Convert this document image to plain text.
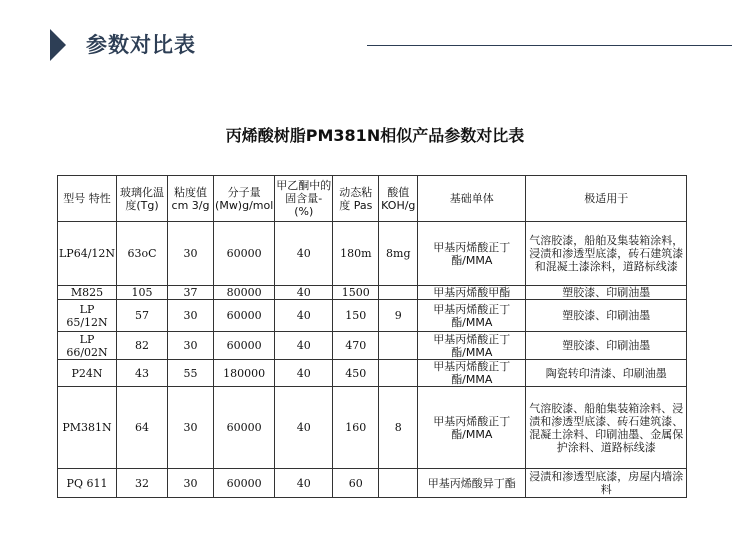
参数对比表
丙烯酸树脂PM381N相似产品参数对比表
型号 特性	玻璃化温度(Tg)	粘度值cm 3/g	分子量(Mw)g/mol	甲乙酮中的固含量- (%)	动态粘度 Pas	酸值KOH/g	基础单体	极适用于
LP64/12N	63oC	30	60000	40	180m	8mg	甲基丙烯酸正丁酯/MMA	气溶胶漆，船舶及集装箱涂料，浸渍和渗透型底漆，砖石建筑漆和混凝土漆涂料，道路标线漆
M825	105	37	80000	40	1500		甲基丙烯酸甲酯	塑胶漆、印刷油墨
LP 65/12N	57	30	60000	40	150	9	甲基丙烯酸正丁酯/MMA	塑胶漆、印刷油墨
LP 66/02N	82	30	60000	40	470		甲基丙烯酸正丁酯/MMA	塑胶漆、印刷油墨
P24N	43	55	180000	40	450		甲基丙烯酸正丁酯/MMA	陶瓷转印清漆、印刷油墨
PM381N	64	30	60000	40	160	8	甲基丙烯酸正丁酯/MMA	气溶胶漆、船舶集装箱涂料、浸渍和渗透型底漆、砖石建筑漆、混凝土涂料、印刷油墨、金属保护涂料、道路标线漆
PQ 611	32	30	60000	40	60		甲基丙烯酸异丁酯	浸渍和渗透型底漆，房屋内墙涂料
